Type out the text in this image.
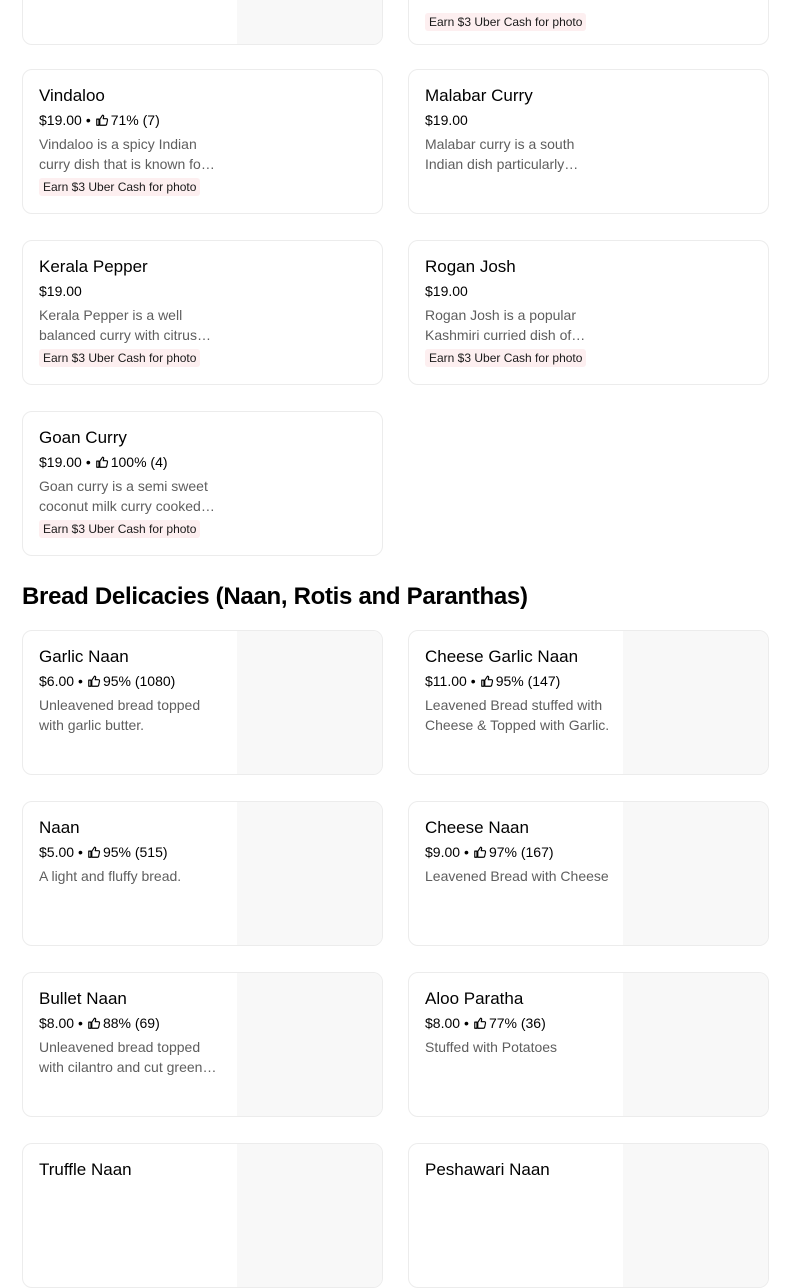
Earn $3 Uber Cash for photo
Vindaloo
$19.00 • 71% (7)
Vindaloo is a spicy Indian curry dish that is known for
Earn $3 Uber Cash for photo
Malabar Curry
$19.00
Malabar curry is a south Indian dish particularly
Kerala Pepper
$19.00
Kerala Pepper is a well balanced curry with citrus
Earn $3 Uber Cash for photo
Rogan Josh
$19.00
Rogan Josh is a popular Kashmiri curried dish of
Earn $3 Uber Cash for photo
Goan Curry
$19.00 • 100% (4)
Goan curry is a semi sweet coconut milk curry cooked
Earn $3 Uber Cash for photo
Bread Delicacies (Naan, Rotis and Paranthas)
Garlic Naan
$6.00 • 95% (1080)
Unleavened bread topped with garlic butter.
Cheese Garlic Naan
$11.00 • 95% (147)
Leavened Bread stuffed with Cheese & Topped with Garlic.
Naan
$5.00 • 95% (515)
A light and fluffy bread.
Cheese Naan
$9.00 • 97% (167)
Leavened Bread with Cheese
Bullet Naan
$8.00 • 88% (69)
Unleavened bread topped with cilantro and cut green
Aloo Paratha
$8.00 • 77% (36)
Stuffed with Potatoes
Truffle Naan	Peshawari Naan
